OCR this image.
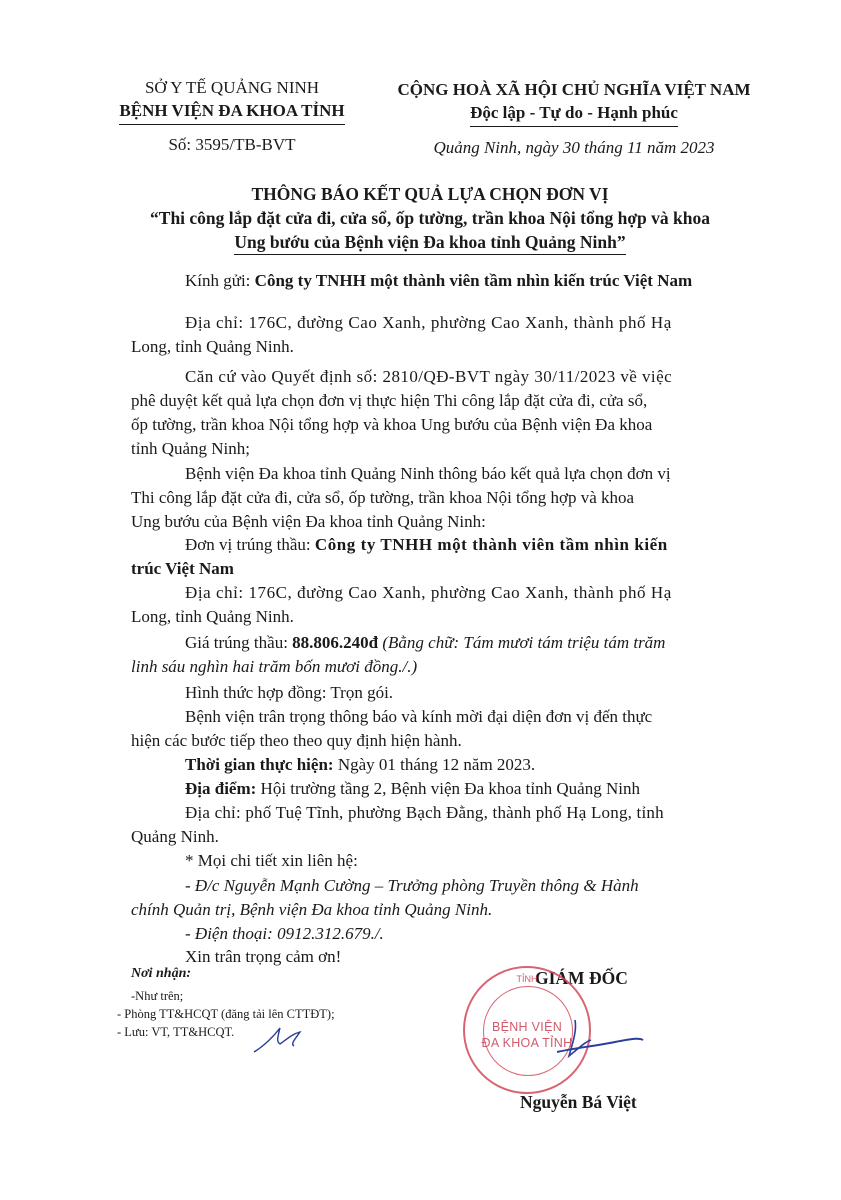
SỞ Y TẾ QUẢNG NINH
BỆNH VIỆN ĐA KHOA TỈNH
Số: 3595/TB-BVT
CỘNG HOÀ XÃ HỘI CHỦ NGHĨA VIỆT NAM
Độc lập - Tự do - Hạnh phúc
Quảng Ninh, ngày 30 tháng 11 năm 2023
THÔNG BÁO KẾT QUẢ LỰA CHỌN ĐƠN VỊ
“Thi công lắp đặt cửa đi, cửa sổ, ốp tường, trần khoa Nội tổng hợp và khoa
Ung bướu của Bệnh viện Đa khoa tỉnh Quảng Ninh”
Kính gửi: Công ty TNHH một thành viên tầm nhìn kiến trúc Việt Nam
Địa chỉ: 176C, đường Cao Xanh, phường Cao Xanh, thành phố Hạ
Long, tỉnh Quảng Ninh.
Căn cứ vào Quyết định số: 2810/QĐ-BVT ngày 30/11/2023 về việc
phê duyệt kết quả lựa chọn đơn vị thực hiện Thi công lắp đặt cửa đi, cửa sổ,
ốp tường, trần khoa Nội tổng hợp và khoa Ung bướu của Bệnh viện Đa khoa
tỉnh Quảng Ninh;
Bệnh viện Đa khoa tỉnh Quảng Ninh thông báo kết quả lựa chọn đơn vị
Thi công lắp đặt cửa đi, cửa sổ, ốp tường, trần khoa Nội tổng hợp và khoa
Ung bướu của Bệnh viện Đa khoa tỉnh Quảng Ninh:
Đơn vị trúng thầu: Công ty TNHH một thành viên tầm nhìn kiến
trúc Việt Nam
Địa chỉ: 176C, đường Cao Xanh, phường Cao Xanh, thành phố Hạ
Long, tỉnh Quảng Ninh.
Giá trúng thầu: 88.806.240đ (Bằng chữ: Tám mươi tám triệu tám trăm
linh sáu nghìn hai trăm bốn mươi đồng./.)
Hình thức hợp đồng: Trọn gói.
Bệnh viện trân trọng thông báo và kính mời đại diện đơn vị đến thực
hiện các bước tiếp theo theo quy định hiện hành.
Thời gian thực hiện: Ngày 01 tháng 12 năm 2023.
Địa điểm: Hội trường tầng 2, Bệnh viện Đa khoa tỉnh Quảng Ninh
Địa chỉ: phố Tuệ Tĩnh, phường Bạch Đằng, thành phố Hạ Long, tỉnh
Quảng Ninh.
* Mọi chi tiết xin liên hệ:
- Đ/c Nguyễn Mạnh Cường – Trưởng phòng Truyền thông & Hành
chính Quản trị, Bệnh viện Đa khoa tỉnh Quảng Ninh.
- Điện thoại: 0912.312.679./.
Xin trân trọng cảm ơn!
Nơi nhận:
-Như trên;
- Phòng TT&HCQT (đăng tải lên CTTĐT);
- Lưu: VT, TT&HCQT.
GIÁM ĐỐC
TỈNH
BỆNH VIỆN
ĐA KHOA TỈNH
Nguyễn Bá Việt
